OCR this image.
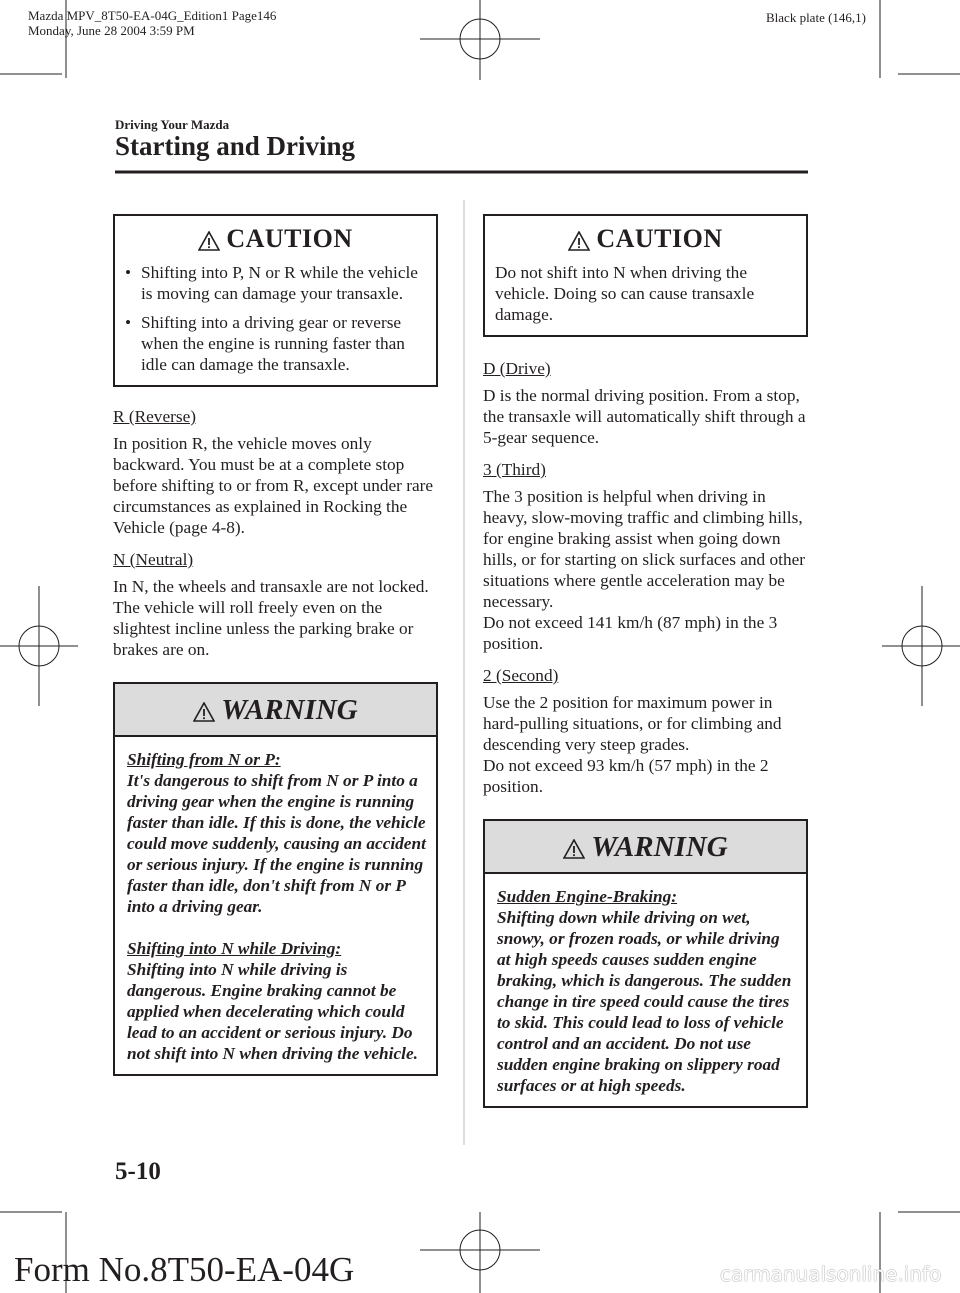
Mazda MPV_8T50-EA-04G_Edition1 Page146
Monday, June 28 2004 3:59 PM
Black plate (146,1)
Driving Your Mazda
Starting and Driving
CAUTION
• Shifting into P, N or R while the vehicle is moving can damage your transaxle.
• Shifting into a driving gear or reverse when the engine is running faster than idle can damage the transaxle.
R (Reverse)

In position R, the vehicle moves only backward. You must be at a complete stop before shifting to or from R, except under rare circumstances as explained in Rocking the Vehicle (page 4-8).

N (Neutral)

In N, the wheels and transaxle are not locked. The vehicle will roll freely even on the slightest incline unless the parking brake or brakes are on.

WARNING
Shifting from N or P:
It's dangerous to shift from N or P into a driving gear when the engine is running faster than idle. If this is done, the vehicle could move suddenly, causing an accident or serious injury. If the engine is running faster than idle, don't shift from N or P into a driving gear.
Shifting into N while Driving:
Shifting into N while driving is dangerous. Engine braking cannot be applied when decelerating which could lead to an accident or serious injury. Do not shift into N when driving the vehicle.
CAUTION
Do not shift into N when driving the vehicle. Doing so can cause transaxle damage.
D (Drive)

D is the normal driving position. From a stop, the transaxle will automatically shift through a 5-gear sequence.

3 (Third)

The 3 position is helpful when driving in heavy, slow-moving traffic and climbing hills, for engine braking assist when going down hills, or for starting on slick surfaces and other situations where gentle acceleration may be necessary.
Do not exceed 141 km/h (87 mph) in the 3 position.

2 (Second)

Use the 2 position for maximum power in hard-pulling situations, or for climbing and descending very steep grades.
Do not exceed 93 km/h (57 mph) in the 2 position.

WARNING
Sudden Engine-Braking:
Shifting down while driving on wet, snowy, or frozen roads, or while driving at high speeds causes sudden engine braking, which is dangerous. The sudden change in tire speed could cause the tires to skid. This could lead to loss of vehicle control and an accident. Do not use sudden engine braking on slippery road surfaces or at high speeds.
5-10
Form No.8T50-EA-04G	carmanualsonline.info
